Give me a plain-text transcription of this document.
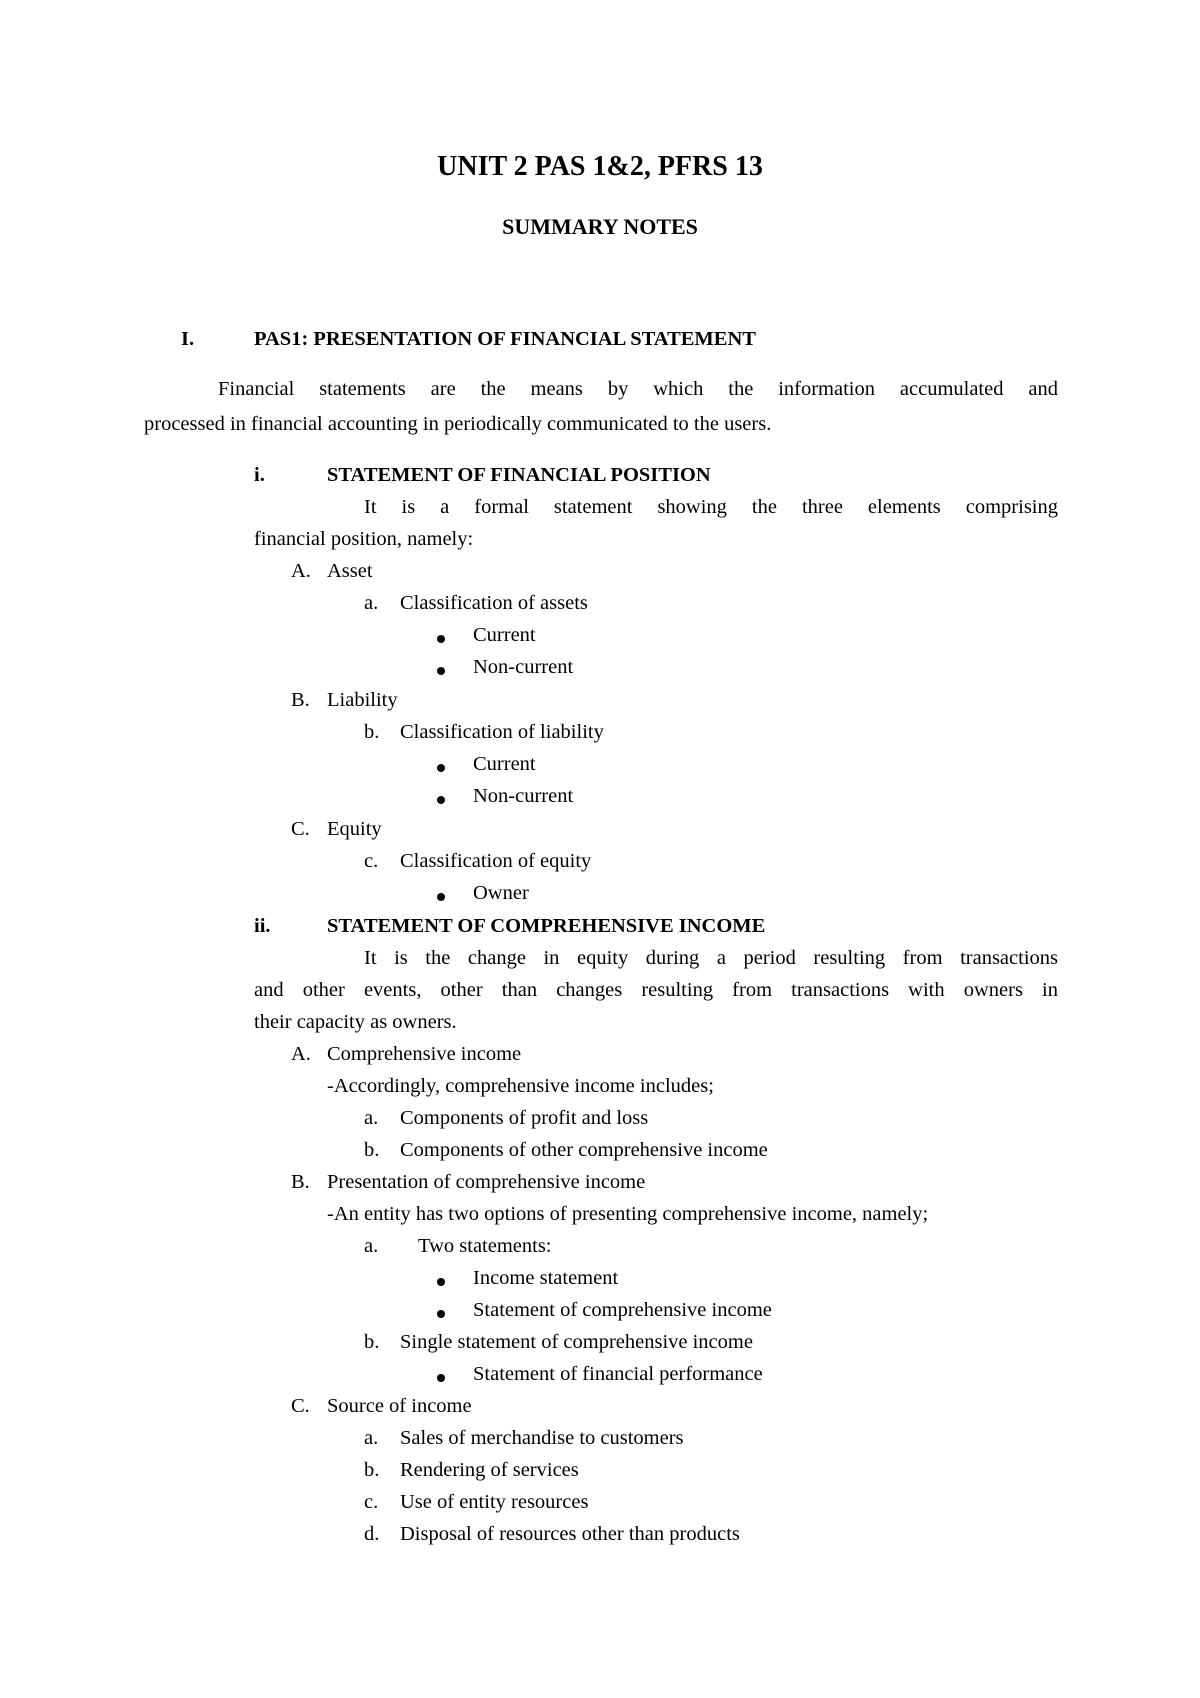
UNIT 2 PAS 1&2, PFRS 13
SUMMARY NOTES
I.	PAS1: PRESENTATION OF FINANCIAL STATEMENT
Financial statements are the means by which the information accumulated and
processed in financial accounting in periodically communicated to the users.
i.	STATEMENT OF FINANCIAL POSITION
It is a formal statement showing the three elements comprising
financial position, namely:
A. Asset
a. Classification of assets
Current
Non-current
B. Liability
b. Classification of liability
Current
Non-current
C. Equity
c. Classification of equity
Owner
ii.	STATEMENT OF COMPREHENSIVE INCOME
It is the change in equity during a period resulting from transactions
and other events, other than changes resulting from transactions with owners in
their capacity as owners.
A. Comprehensive income
-Accordingly, comprehensive income includes;
a. Components of profit and loss
b. Components of other comprehensive income
B. Presentation of comprehensive income
-An entity has two options of presenting comprehensive income, namely;
a. Two statements:
Income statement
Statement of comprehensive income
b. Single statement of comprehensive income
Statement of financial performance
C. Source of income
a. Sales of merchandise to customers
b. Rendering of services
c. Use of entity resources
d. Disposal of resources other than products
